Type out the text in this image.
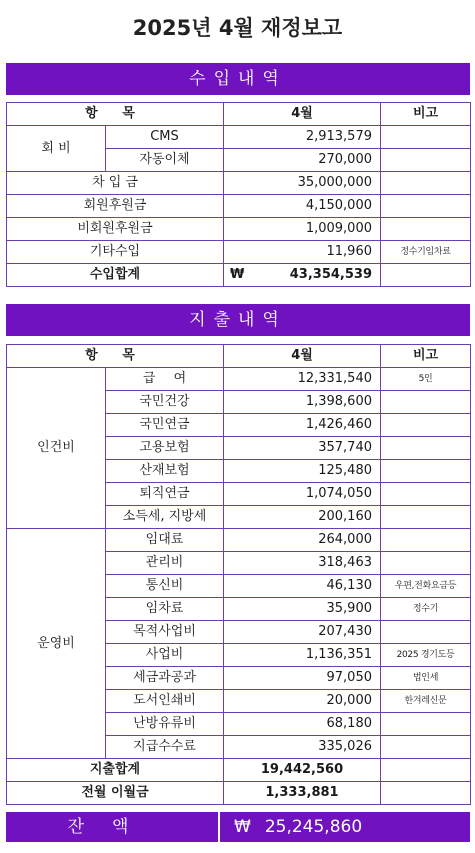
2025년 4월 재정보고
수입내역
항 목		4월	비고
회 비	CMS	2,913,579	
	자동이체	270,000	
차 입 금		35,000,000	
회원후원금		4,150,000	
비회원후원금		1,009,000	
기타수입		11,960	정수기임차료
수입합계		₩ 43,354,539	
지출내역
항 목		4월	비고
인건비	급 여	12,331,540	5인
	국민건강	1,398,600	
	국민연금	1,426,460	
	고용보험	357,740	
	산재보험	125,480	
	퇴직연금	1,074,050	
	소득세, 지방세	200,160	
운영비	임대료	264,000	
	관리비	318,463	
	통신비	46,130	우편,전화요금등
	임차료	35,900	정수기
	목적사업비	207,430	
	사업비	1,136,351	2025 경기도등
	세금과공과	97,050	법인세
	도서인쇄비	20,000	한겨레신문
	난방유류비	68,180	
	지급수수료	335,026	
지출합계		19,442,560	
전월 이월금		1,333,881	
잔액	₩ 25,245,860
